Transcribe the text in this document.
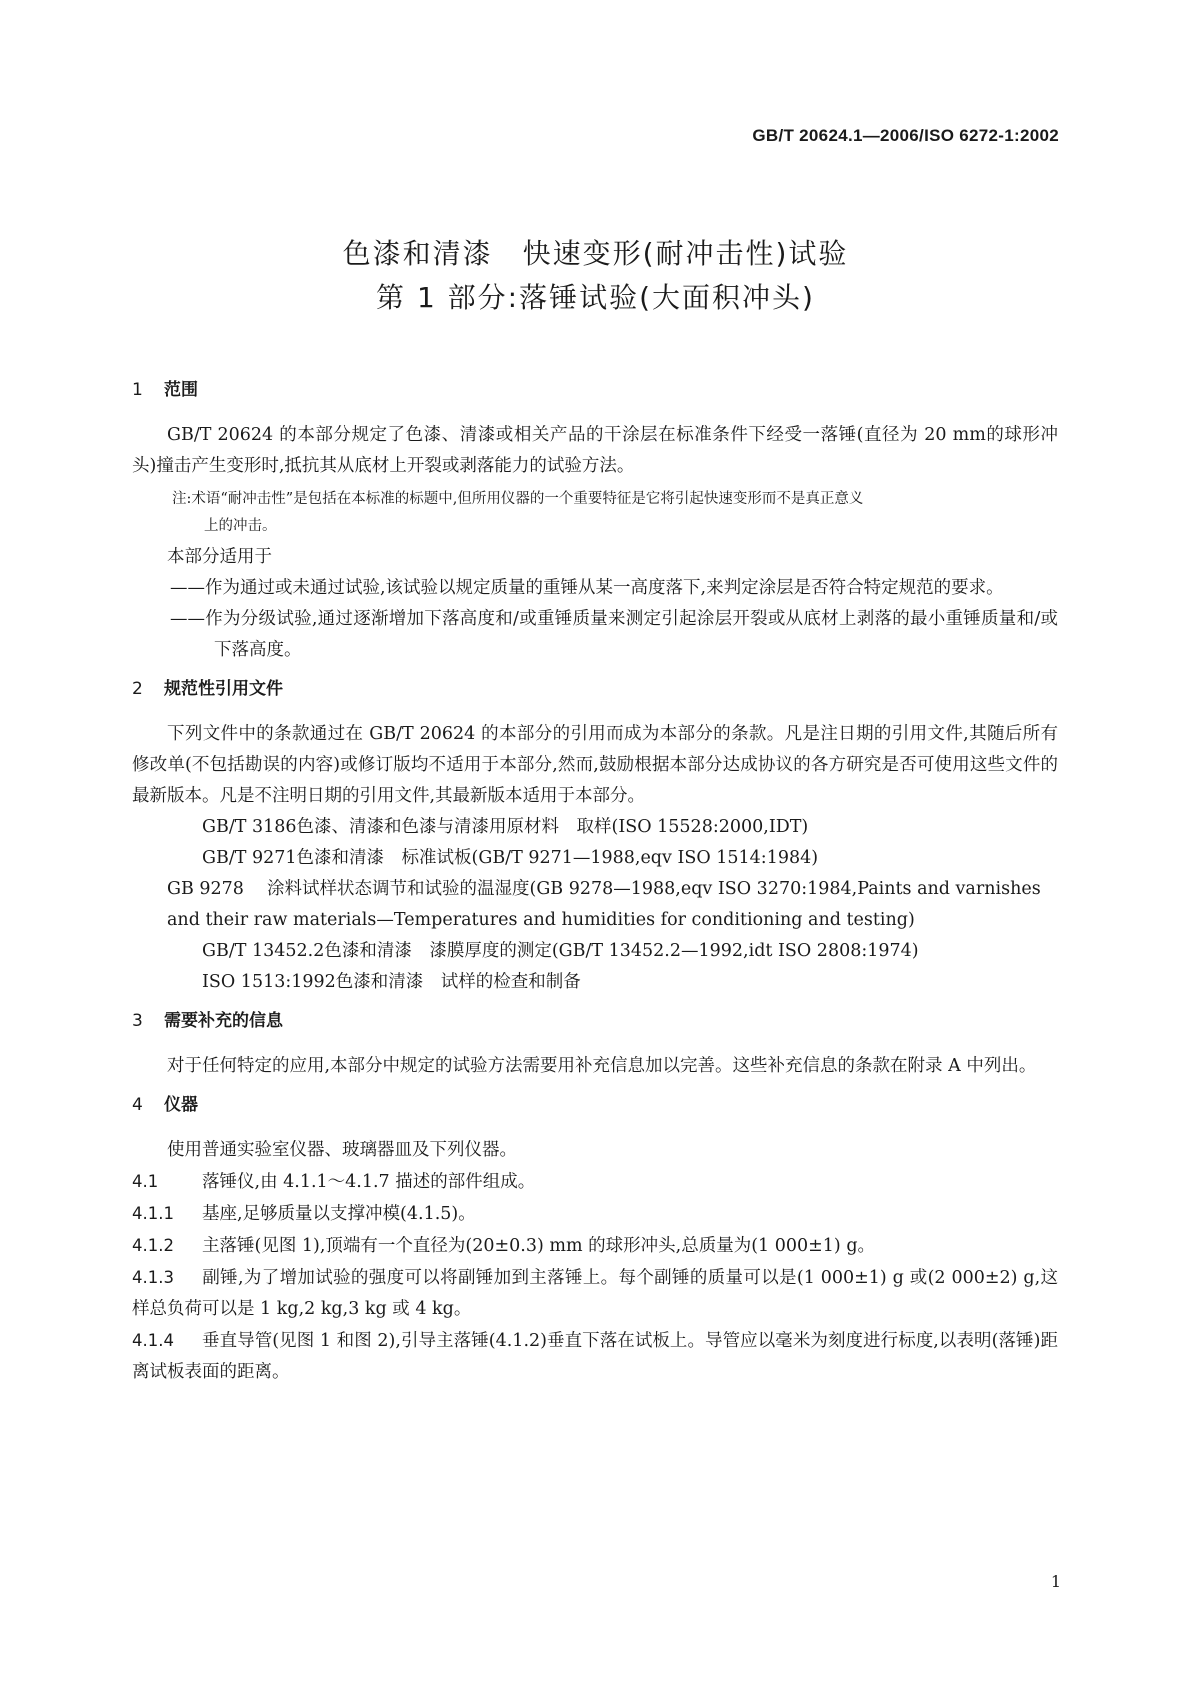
GB/T 20624.1—2006/ISO 6272-1:2002
色漆和清漆　快速变形(耐冲击性)试验
第 1 部分:落锤试验(大面积冲头)
1 范围

GB/T 20624 的本部分规定了色漆、清漆或相关产品的干涂层在标准条件下经受一落锤(直径为 20 mm的球形冲头)撞击产生变形时,抵抗其从底材上开裂或剥落能力的试验方法。

注:术语“耐冲击性”是包括在本标准的标题中,但所用仪器的一个重要特征是它将引起快速变形而不是真正意义
上的冲击。

本部分适用于

——作为通过或未通过试验,该试验以规定质量的重锤从某一高度落下,来判定涂层是否符合特定规范的要求。

——作为分级试验,通过逐渐增加下落高度和/或重锤质量来测定引起涂层开裂或从底材上剥落的最小重锤质量和/或下落高度。

2 规范性引用文件

下列文件中的条款通过在 GB/T 20624 的本部分的引用而成为本部分的条款。凡是注日期的引用文件,其随后所有修改单(不包括勘误的内容)或修订版均不适用于本部分,然而,鼓励根据本部分达成协议的各方研究是否可使用这些文件的最新版本。凡是不注明日期的引用文件,其最新版本适用于本部分。

GB/T 3186色漆、清漆和色漆与清漆用原材料　取样(ISO 15528:2000,IDT)

GB/T 9271色漆和清漆　标准试板(GB/T 9271—1988,eqv ISO 1514:1984)

GB 9278 涂料试样状态调节和试验的温湿度(GB 9278—1988,eqv ISO 3270:1984,Paints and varnishes and their raw materials—Temperatures and humidities for conditioning and testing)

GB/T 13452.2色漆和清漆　漆膜厚度的测定(GB/T 13452.2—1992,idt ISO 2808:1974)

ISO 1513:1992色漆和清漆　试样的检查和制备

3 需要补充的信息

对于任何特定的应用,本部分中规定的试验方法需要用补充信息加以完善。这些补充信息的条款在附录 A 中列出。

4 仪器

使用普通实验室仪器、玻璃器皿及下列仪器。

4.1	落锤仪,由 4.1.1～4.1.7 描述的部件组成。

4.1.1 基座,足够质量以支撑冲模(4.1.5)。

4.1.2 主落锤(见图 1),顶端有一个直径为(20±0.3) mm 的球形冲头,总质量为(1 000±1) g。

4.1.3 副锤,为了增加试验的强度可以将副锤加到主落锤上。每个副锤的质量可以是(1 000±1) g 或(2 000±2) g,这样总负荷可以是 1 kg,2 kg,3 kg 或 4 kg。

4.1.4 垂直导管(见图 1 和图 2),引导主落锤(4.1.2)垂直下落在试板上。导管应以毫米为刻度进行标度,以表明(落锤)距离试板表面的距离。

1
